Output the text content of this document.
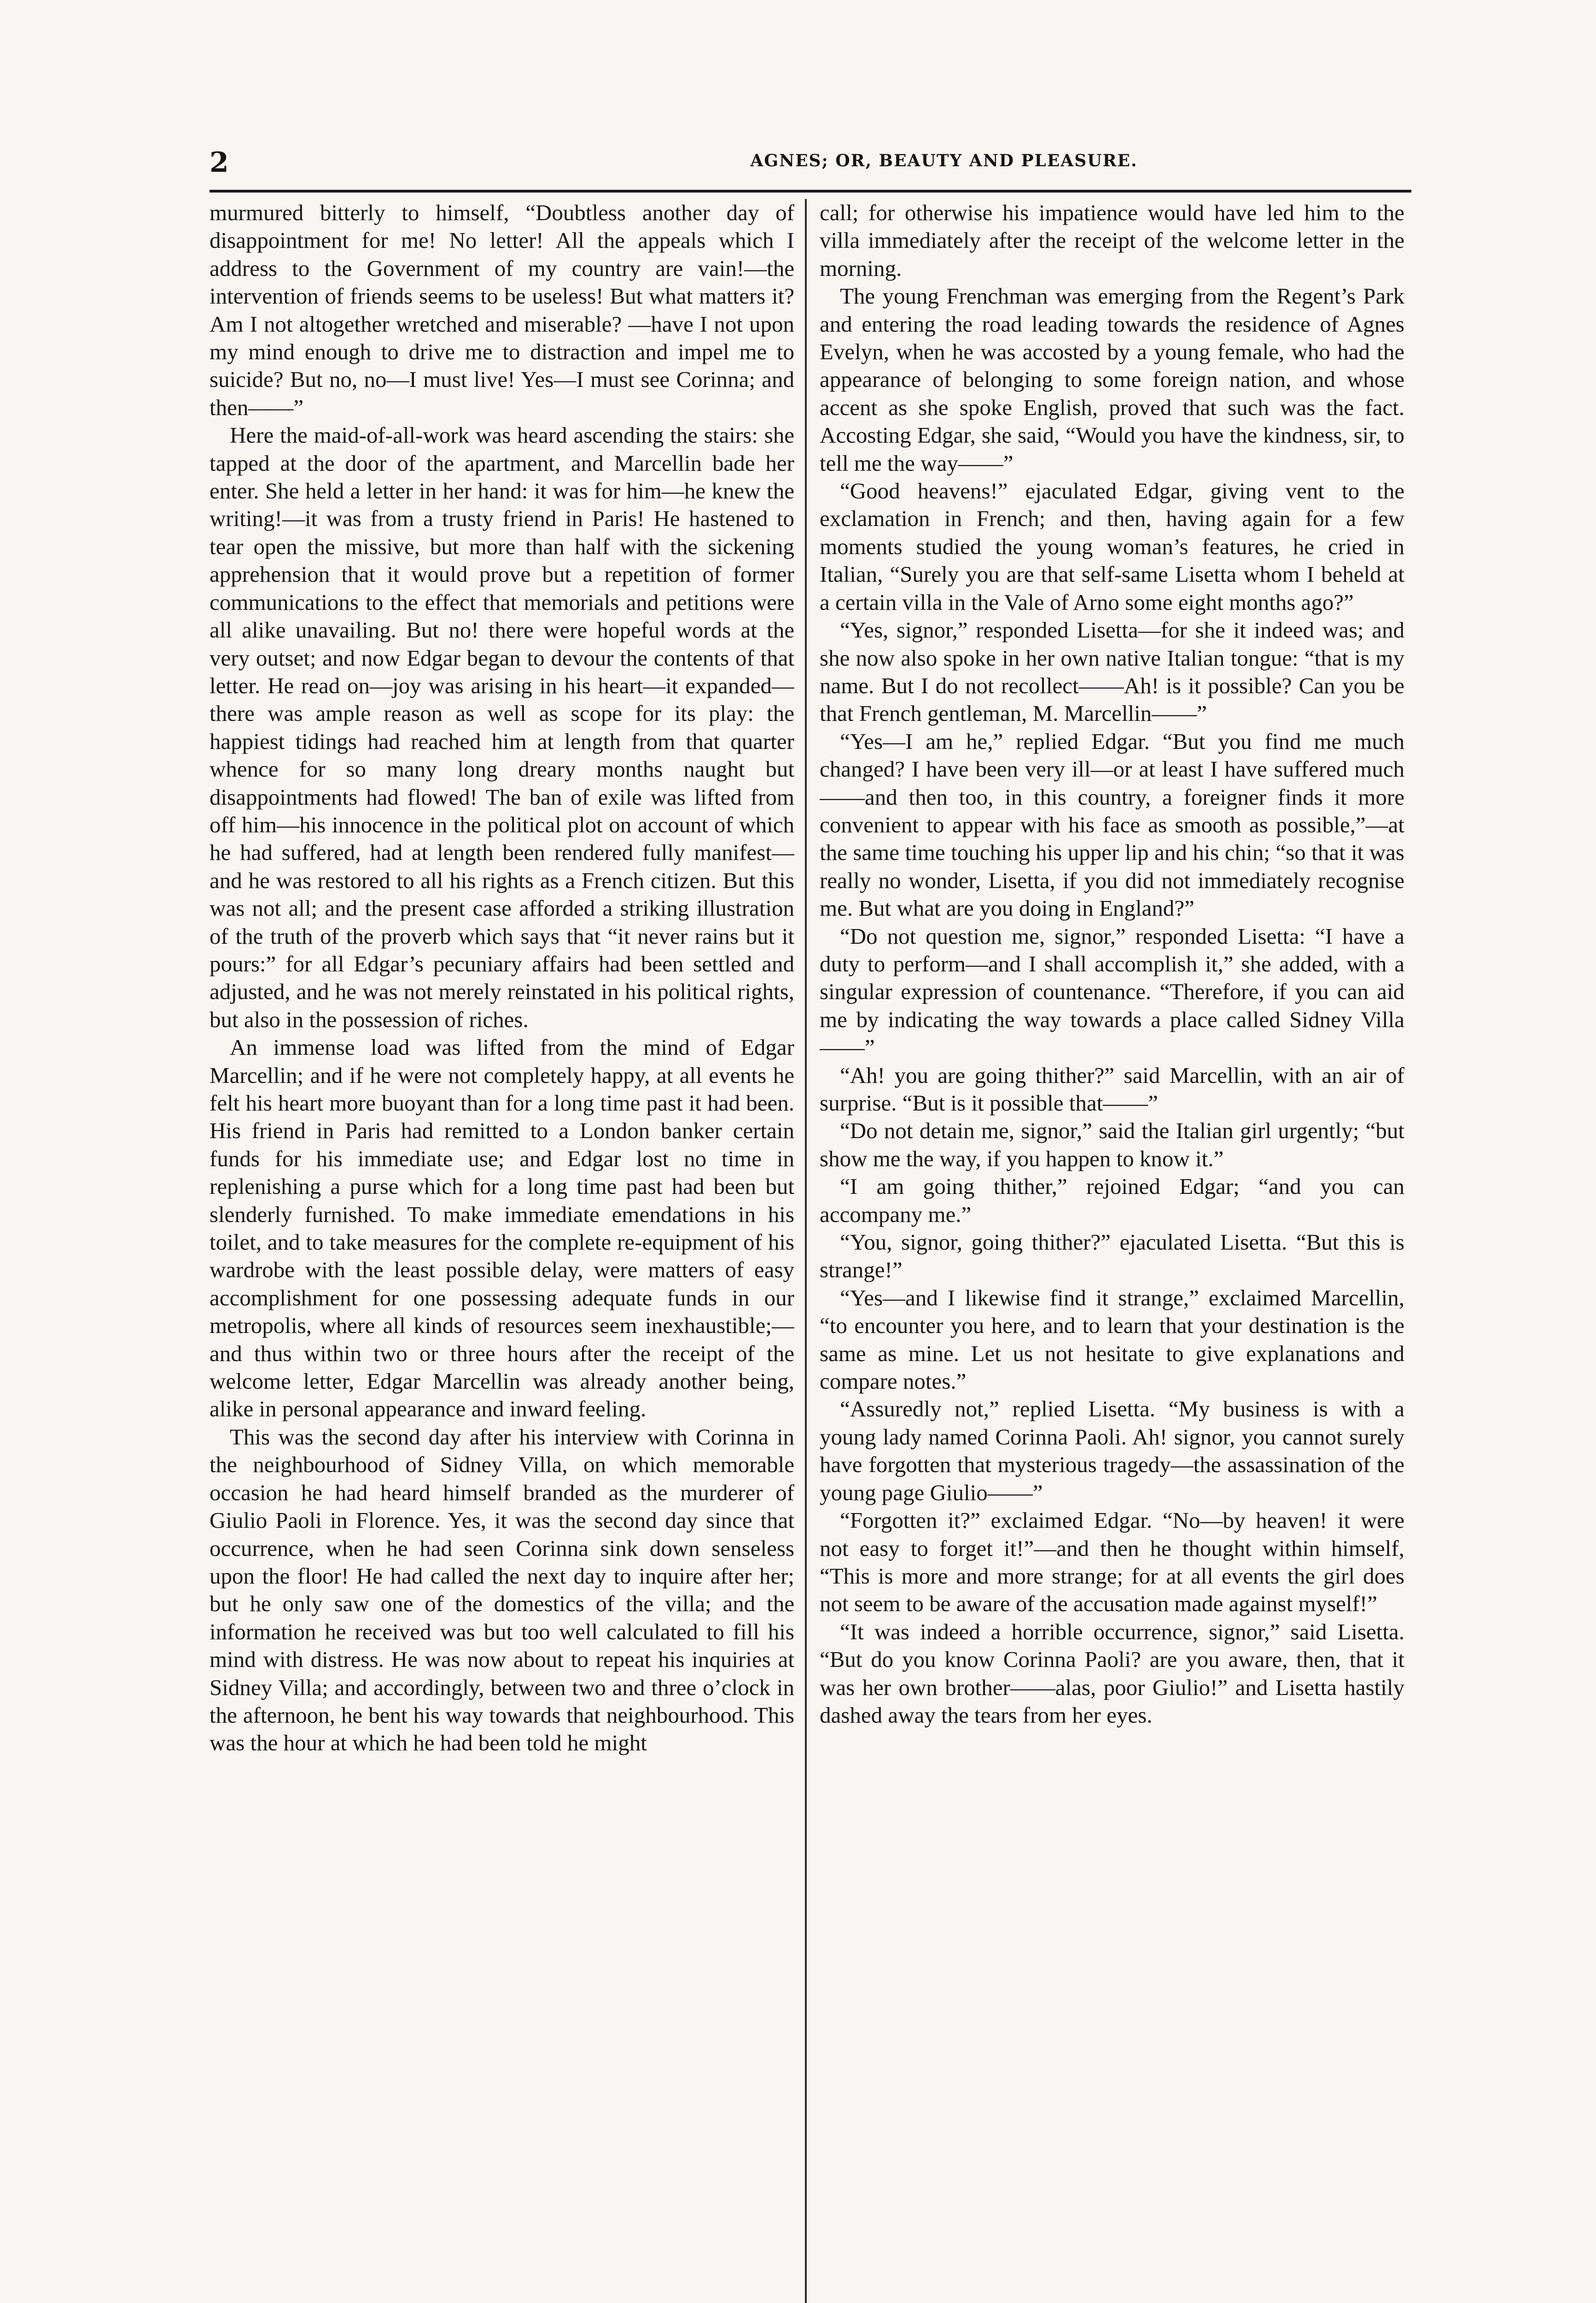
2	AGNES; OR, BEAUTY AND PLEASURE.

murmured bitterly to himself, “Doubtless another day of disappointment for me! No letter! All the appeals which I address to the Government of my country are vain!—the intervention of friends seems to be useless! But what matters it? Am I not altogether wretched and miserable? —have I not upon my mind enough to drive me to distraction and impel me to suicide? But no, no—I must live! Yes—I must see Corinna; and then——”

Here the maid-of-all-work was heard ascending the stairs: she tapped at the door of the apartment, and Marcellin bade her enter. She held a letter in her hand: it was for him—he knew the writing!—it was from a trusty friend in Paris! He hastened to tear open the missive, but more than half with the sickening apprehension that it would prove but a repetition of former communications to the effect that memorials and petitions were all alike unavailing. But no! there were hopeful words at the very outset; and now Edgar began to devour the contents of that letter. He read on—joy was arising in his heart—it expanded—there was ample reason as well as scope for its play: the happiest tidings had reached him at length from that quarter whence for so many long dreary months naught but disappointments had flowed! The ban of exile was lifted from off him—his innocence in the political plot on account of which he had suffered, had at length been rendered fully manifest—and he was restored to all his rights as a French citizen. But this was not all; and the present case afforded a striking illustration of the truth of the proverb which says that “it never rains but it pours:” for all Edgar’s pecuniary affairs had been settled and adjusted, and he was not merely reinstated in his political rights, but also in the possession of riches.

An immense load was lifted from the mind of Edgar Marcellin; and if he were not completely happy, at all events he felt his heart more buoyant than for a long time past it had been. His friend in Paris had remitted to a London banker certain funds for his immediate use; and Edgar lost no time in replenishing a purse which for a long time past had been but slenderly furnished. To make immediate emendations in his toilet, and to take measures for the complete re-equipment of his wardrobe with the least possible delay, were matters of easy accomplishment for one possessing adequate funds in our metropolis, where all kinds of resources seem inexhaustible;—and thus within two or three hours after the receipt of the welcome letter, Edgar Marcellin was already another being, alike in personal appearance and inward feeling.

This was the second day after his interview with Corinna in the neighbourhood of Sidney Villa, on which memorable occasion he had heard himself branded as the murderer of Giulio Paoli in Florence. Yes, it was the second day since that occurrence, when he had seen Corinna sink down senseless upon the floor! He had called the next day to inquire after her; but he only saw one of the domestics of the villa; and the information he received was but too well calculated to fill his mind with distress. He was now about to repeat his inquiries at Sidney Villa; and accordingly, between two and three o’clock in the afternoon, he bent his way towards that neighbourhood. This was the hour at which he had been told he might

call; for otherwise his impatience would have led him to the villa immediately after the receipt of the welcome letter in the morning.

The young Frenchman was emerging from the Regent’s Park and entering the road leading towards the residence of Agnes Evelyn, when he was accosted by a young female, who had the appearance of belonging to some foreign nation, and whose accent as she spoke English, proved that such was the fact. Accosting Edgar, she said, “Would you have the kindness, sir, to tell me the way——”

“Good heavens!” ejaculated Edgar, giving vent to the exclamation in French; and then, having again for a few moments studied the young woman’s features, he cried in Italian, “Surely you are that self-same Lisetta whom I beheld at a certain villa in the Vale of Arno some eight months ago?”

“Yes, signor,” responded Lisetta—for she it indeed was; and she now also spoke in her own native Italian tongue: “that is my name. But I do not recollect——Ah! is it possible? Can you be that French gentleman, M. Marcellin——”

“Yes—I am he,” replied Edgar. “But you find me much changed? I have been very ill—or at least I have suffered much——and then too, in this country, a foreigner finds it more convenient to appear with his face as smooth as possible,”—at the same time touching his upper lip and his chin; “so that it was really no wonder, Lisetta, if you did not immediately recognise me. But what are you doing in England?”

“Do not question me, signor,” responded Lisetta: “I have a duty to perform—and I shall accomplish it,” she added, with a singular expression of countenance. “Therefore, if you can aid me by indicating the way towards a place called Sidney Villa——”

“Ah! you are going thither?” said Marcellin, with an air of surprise. “But is it possible that——”

“Do not detain me, signor,” said the Italian girl urgently; “but show me the way, if you happen to know it.”

“I am going thither,” rejoined Edgar; “and you can accompany me.”

“You, signor, going thither?” ejaculated Lisetta. “But this is strange!”

“Yes—and I likewise find it strange,” exclaimed Marcellin, “to encounter you here, and to learn that your destination is the same as mine. Let us not hesitate to give explanations and compare notes.”

“Assuredly not,” replied Lisetta. “My business is with a young lady named Corinna Paoli. Ah! signor, you cannot surely have forgotten that mysterious tragedy—the assassination of the young page Giulio——”

“Forgotten it?” exclaimed Edgar. “No—by heaven! it were not easy to forget it!”—and then he thought within himself, “This is more and more strange; for at all events the girl does not seem to be aware of the accusation made against myself!”

“It was indeed a horrible occurrence, signor,” said Lisetta. “But do you know Corinna Paoli? are you aware, then, that it was her own brother——alas, poor Giulio!” and Lisetta hastily dashed away the tears from her eyes.
